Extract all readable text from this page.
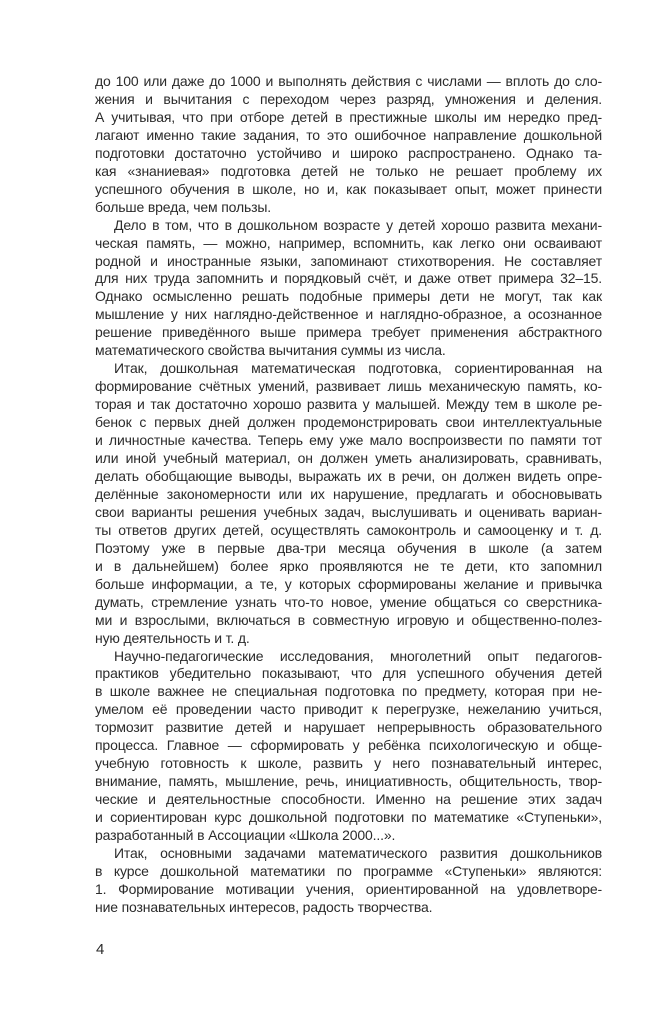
до 100 или даже до 1000 и выполнять действия с числами — вплоть до сло-
жения и вычитания с переходом через разряд, умножения и деления.
А учитывая, что при отборе детей в престижные школы им нередко пред-
лагают именно такие задания, то это ошибочное направление дошкольной
подготовки достаточно устойчиво и широко распространено. Однако та-
кая «знаниевая» подготовка детей не только не решает проблему их
успешного обучения в школе, но и, как показывает опыт, может принести
больше вреда, чем пользы.
Дело в том, что в дошкольном возрасте у детей хорошо развита механи-
ческая память, — можно, например, вспомнить, как легко они осваивают
родной и иностранные языки, запоминают стихотворения. Не составляет
для них труда запомнить и порядковый счёт, и даже ответ примера 32–15.
Однако осмысленно решать подобные примеры дети не могут, так как
мышление у них наглядно-действенное и наглядно-образное, а осознанное
решение приведённого выше примера требует применения абстрактного
математического свойства вычитания суммы из числа.
Итак, дошкольная математическая подготовка, сориентированная на
формирование счётных умений, развивает лишь механическую память, ко-
торая и так достаточно хорошо развита у малышей. Между тем в школе ре-
бенок с первых дней должен продемонстрировать свои интеллектуальные
и личностные качества. Теперь ему уже мало воспроизвести по памяти тот
или иной учебный материал, он должен уметь анализировать, сравнивать,
делать обобщающие выводы, выражать их в речи, он должен видеть опре-
делённые закономерности или их нарушение, предлагать и обосновывать
свои варианты решения учебных задач, выслушивать и оценивать вариан-
ты ответов других детей, осуществлять самоконтроль и самооценку и т. д.
Поэтому уже в первые два-три месяца обучения в школе (а затем
и в дальнейшем) более ярко проявляются не те дети, кто запомнил
больше информации, а те, у которых сформированы желание и привычка
думать, стремление узнать что-то новое, умение общаться со сверстника-
ми и взрослыми, включаться в совместную игровую и общественно-полез-
ную деятельность и т. д.
Научно-педагогические исследования, многолетний опыт педагогов-
практиков убедительно показывают, что для успешного обучения детей
в школе важнее не специальная подготовка по предмету, которая при не-
умелом её проведении часто приводит к перегрузке, нежеланию учиться,
тормозит развитие детей и нарушает непрерывность образовательного
процесса. Главное — сформировать у ребёнка психологическую и обще-
учебную готовность к школе, развить у него познавательный интерес,
внимание, память, мышление, речь, инициативность, общительность, твор-
ческие и деятельностные способности. Именно на решение этих задач
и сориентирован курс дошкольной подготовки по математике «Ступеньки»,
разработанный в Ассоциации «Школа 2000...».
Итак, основными задачами математического развития дошкольников
в курсе дошкольной математики по программе «Ступеньки» являются:
1. Формирование мотивации учения, ориентированной на удовлетворе-
ние познавательных интересов, радость творчества.
4
